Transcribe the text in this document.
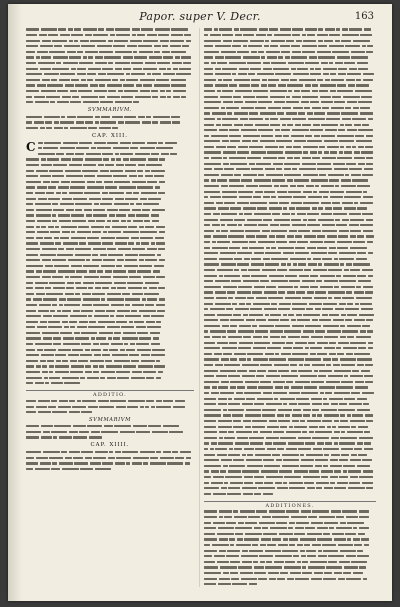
Papor. super V. Decr.	163
SVMMARIVM.
CAP. XIII.
C
ADDITIO.
SVMMARIVM
CAP. XIIII.
ADDITIONES.
